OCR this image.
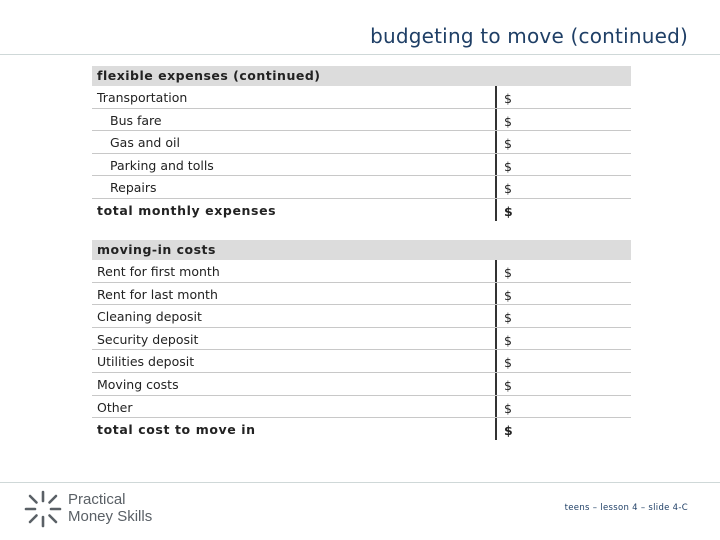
budgeting to move (continued)
flexible expenses (continued)
Transportation	$
Bus fare	$
Gas and oil	$
Parking and tolls	$
Repairs	$
total monthly expenses	$
moving-in costs
Rent for first month	$
Rent for last month	$
Cleaning deposit	$
Security deposit	$
Utilities deposit	$
Moving costs	$
Other	$
total cost to move in	$
Practical
Money Skills	teens – lesson 4 – slide 4-C
